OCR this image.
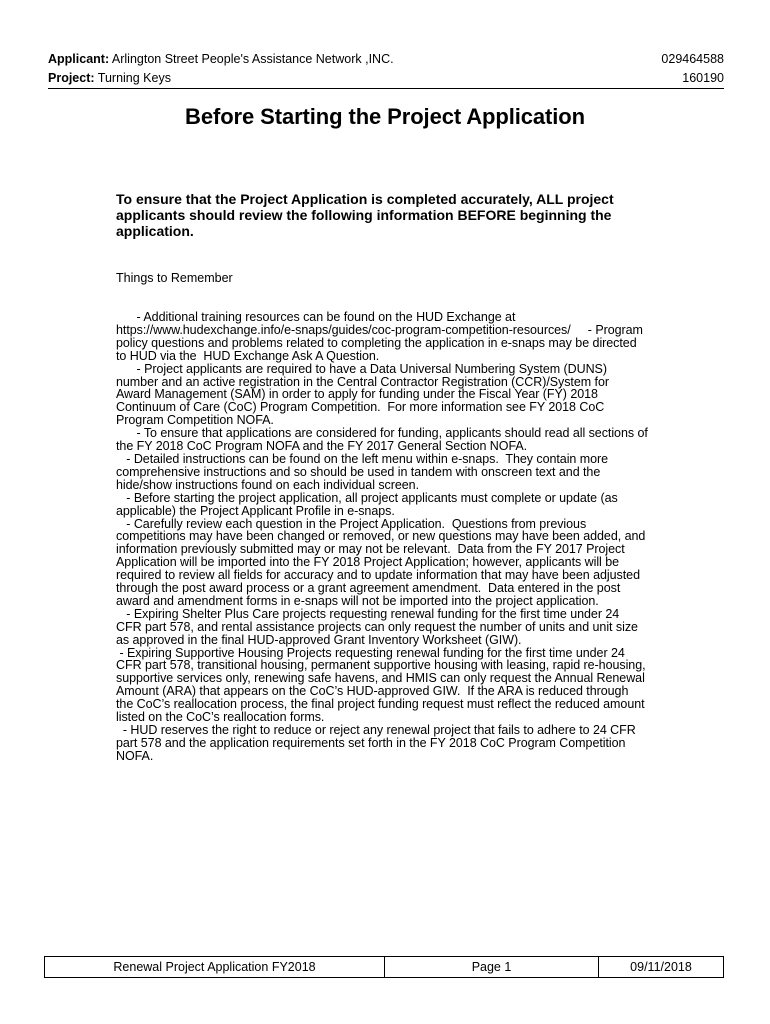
Applicant: Arlington Street People's Assistance Network ,INC.	029464588
Project: Turning Keys	160190
Before Starting the Project Application
To ensure that the Project Application is completed accurately, ALL project applicants should review the following information BEFORE beginning the application.
Things to Remember
- Additional training resources can be found on the HUD Exchange at
https://www.hudexchange.info/e-snaps/guides/coc-program-competition-resources/     - Program
policy questions and problems related to completing the application in e-snaps may be directed
to HUD via the  HUD Exchange Ask A Question.
- Project applicants are required to have a Data Universal Numbering System (DUNS)
number and an active registration in the Central Contractor Registration (CCR)/System for
Award Management (SAM) in order to apply for funding under the Fiscal Year (FY) 2018
Continuum of Care (CoC) Program Competition.  For more information see FY 2018 CoC
Program Competition NOFA.
- To ensure that applications are considered for funding, applicants should read all sections of
the FY 2018 CoC Program NOFA and the FY 2017 General Section NOFA.
- Detailed instructions can be found on the left menu within e-snaps.  They contain more
comprehensive instructions and so should be used in tandem with onscreen text and the
hide/show instructions found on each individual screen.
- Before starting the project application, all project applicants must complete or update (as
applicable) the Project Applicant Profile in e-snaps.
- Carefully review each question in the Project Application.  Questions from previous
competitions may have been changed or removed, or new questions may have been added, and
information previously submitted may or may not be relevant.  Data from the FY 2017 Project
Application will be imported into the FY 2018 Project Application; however, applicants will be
required to review all fields for accuracy and to update information that may have been adjusted
through the post award process or a grant agreement amendment.  Data entered in the post
award and amendment forms in e-snaps will not be imported into the project application.
- Expiring Shelter Plus Care projects requesting renewal funding for the first time under 24
CFR part 578, and rental assistance projects can only request the number of units and unit size
as approved in the final HUD-approved Grant Inventory Worksheet (GIW).
- Expiring Supportive Housing Projects requesting renewal funding for the first time under 24
CFR part 578, transitional housing, permanent supportive housing with leasing, rapid re-housing,
supportive services only, renewing safe havens, and HMIS can only request the Annual Renewal
Amount (ARA) that appears on the CoC’s HUD-approved GIW.  If the ARA is reduced through
the CoC’s reallocation process, the final project funding request must reflect the reduced amount
listed on the CoC’s reallocation forms.
- HUD reserves the right to reduce or reject any renewal project that fails to adhere to 24 CFR
part 578 and the application requirements set forth in the FY 2018 CoC Program Competition
NOFA.
Renewal Project Application FY2018	Page 1	09/11/2018
